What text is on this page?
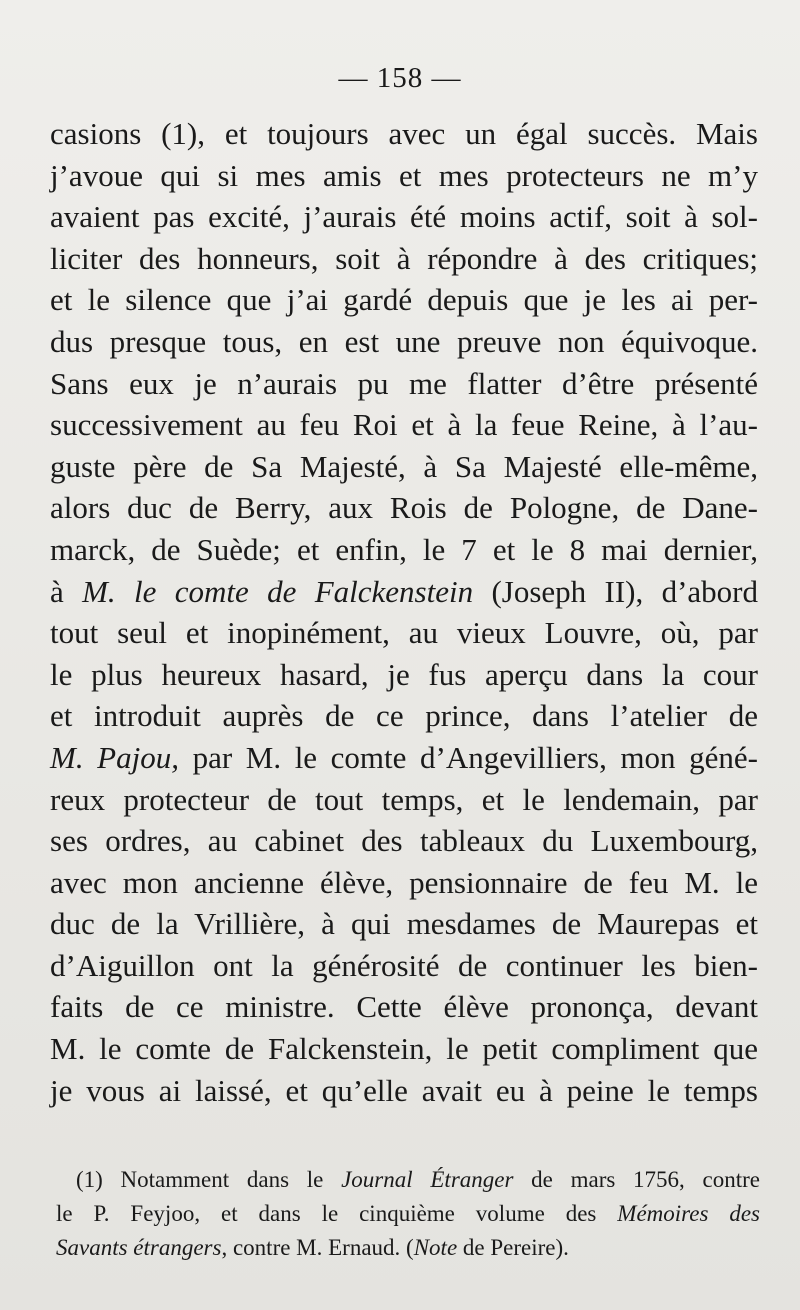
— 158 —
casions (1), et toujours avec un égal succès. Mais
j’avoue qui si mes amis et mes protecteurs ne m’y
avaient pas excité, j’aurais été moins actif, soit à sol-
liciter des honneurs, soit à répondre à des critiques;
et le silence que j’ai gardé depuis que je les ai per-
dus presque tous, en est une preuve non équivoque.
Sans eux je n’aurais pu me flatter d’être présenté
successivement au feu Roi et à la feue Reine, à l’au-
guste père de Sa Majesté, à Sa Majesté elle-même,
alors duc de Berry, aux Rois de Pologne, de Dane-
marck, de Suède; et enfin, le 7 et le 8 mai dernier,
à M. le comte de Falckenstein (Joseph II), d’abord
tout seul et inopinément, au vieux Louvre, où, par
le plus heureux hasard, je fus aperçu dans la cour
et introduit auprès de ce prince, dans l’atelier de
M. Pajou, par M. le comte d’Angevilliers, mon géné-
reux protecteur de tout temps, et le lendemain, par
ses ordres, au cabinet des tableaux du Luxembourg,
avec mon ancienne élève, pensionnaire de feu M. le
duc de la Vrillière, à qui mesdames de Maurepas et
d’Aiguillon ont la générosité de continuer les bien-
faits de ce ministre. Cette élève prononça, devant
M. le comte de Falckenstein, le petit compliment que
je vous ai laissé, et qu’elle avait eu à peine le temps
(1) Notamment dans le Journal Étranger de mars 1756, contre
le P. Feyjoo, et dans le cinquième volume des Mémoires des
Savants étrangers, contre M. Ernaud. (Note de Pereire).
